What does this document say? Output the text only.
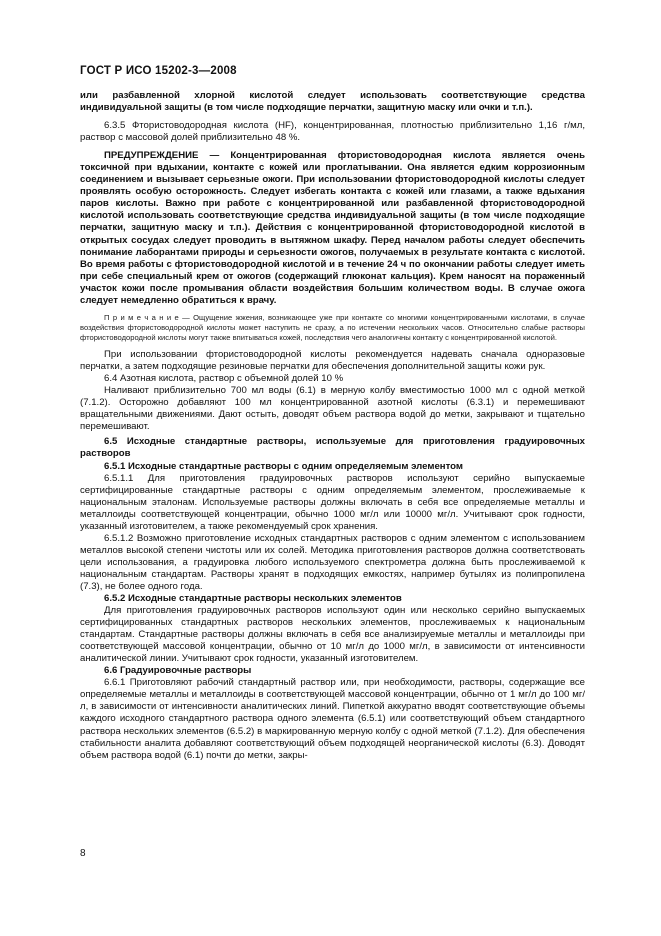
ГОСТ Р ИСО 15202-3—2008

или разбавленной хлорной кислотой следует использовать соответствующие средства индивидуальной защиты (в том числе подходящие перчатки, защитную маску или очки и т.п.).

6.3.5 Фтористоводородная кислота (HF), концентрированная, плотностью приблизительно 1,16 г/мл, раствор с массовой долей приблизительно 48 %.

ПРЕДУПРЕЖДЕНИЕ — Концентрированная фтористоводородная кислота является очень токсичной при вдыхании, контакте с кожей или проглатывании. Она является едким коррозионным соединением и вызывает серьезные ожоги. При использовании фтористоводородной кислоты следует проявлять особую осторожность. Следует избегать контакта с кожей или глазами, а также вдыхания паров кислоты. Важно при работе с концентрированной или разбавленной фтористоводородной кислотой использовать соответствующие средства индивидуальной защиты (в том числе подходящие перчатки, защитную маску и т.п.). Действия с концентрированной фтористоводородной кислотой в открытых сосудах следует проводить в вытяжном шкафу. Перед началом работы следует обеспечить понимание лаборантами природы и серьезности ожогов, получаемых в результате контакта с кислотой. Во время работы с фтористоводородной кислотой и в течение 24 ч по окончании работы следует иметь при себе специальный крем от ожогов (содержащий глюконат кальция). Крем наносят на пораженный участок кожи после промывания области воздействия большим количеством воды. В случае ожога следует немедленно обратиться к врачу.

П р и м е ч а н и е — Ощущение жжения, возникающее уже при контакте со многими концентрированными кислотами, в случае воздействия фтористоводородной кислоты может наступить не сразу, а по истечении нескольких часов. Относительно слабые растворы фтористоводородной кислоты могут также впитываться кожей, последствия чего аналогичны контакту с концентрированной кислотой.

При использовании фтористоводородной кислоты рекомендуется надевать сначала одноразовые перчатки, а затем подходящие резиновые перчатки для обеспечения дополнительной защиты кожи рук.

6.4 Азотная кислота, раствор с объемной долей 10 %

Наливают приблизительно 700 мл воды (6.1) в мерную колбу вместимостью 1000 мл с одной меткой (7.1.2). Осторожно добавляют 100 мл концентрированной азотной кислоты (6.3.1) и перемешивают вращательными движениями. Дают остыть, доводят объем раствора водой до метки, закрывают и тщательно перемешивают.

6.5 Исходные стандартные растворы, используемые для приготовления градуировочных растворов

6.5.1 Исходные стандартные растворы с одним определяемым элементом

6.5.1.1 Для приготовления градуировочных растворов используют серийно выпускаемые сертифицированные стандартные растворы с одним определяемым элементом, прослеживаемые к национальным эталонам. Используемые растворы должны включать в себя все определяемые металлы и металлоиды соответствующей концентрации, обычно 1000 мг/л или 10000 мг/л. Учитывают срок годности, указанный изготовителем, а также рекомендуемый срок хранения.

6.5.1.2 Возможно приготовление исходных стандартных растворов с одним элементом с использованием металлов высокой степени чистоты или их солей. Методика приготовления растворов должна соответствовать цели использования, а градуировка любого используемого спектрометра должна быть прослеживаемой к национальным стандартам. Растворы хранят в подходящих емкостях, например бутылях из полипропилена (7.3), не более одного года.

6.5.2 Исходные стандартные растворы нескольких элементов

Для приготовления градуировочных растворов используют один или несколько серийно выпускаемых сертифицированных стандартных растворов нескольких элементов, прослеживаемых к национальным стандартам. Стандартные растворы должны включать в себя все анализируемые металлы и металлоиды при соответствующей массовой концентрации, обычно от 10 мг/л до 1000 мг/л, в зависимости от интенсивности аналитической линии. Учитывают срок годности, указанный изготовителем.

6.6 Градуировочные растворы

6.6.1 Приготовляют рабочий стандартный раствор или, при необходимости, растворы, содержащие все определяемые металлы и металлоиды в соответствующей массовой концентрации, обычно от 1 мг/л до 100 мг/л, в зависимости от интенсивности аналитических линий. Пипеткой аккуратно вводят соответствующие объемы каждого исходного стандартного раствора одного элемента (6.5.1) или соответствующий объем стандартного раствора нескольких элементов (6.5.2) в маркированную мерную колбу с одной меткой (7.1.2). Для обеспечения стабильности аналита добавляют соответствующий объем подходящей неорганической кислоты (6.3). Доводят объем раствора водой (6.1) почти до метки, закры-

8
